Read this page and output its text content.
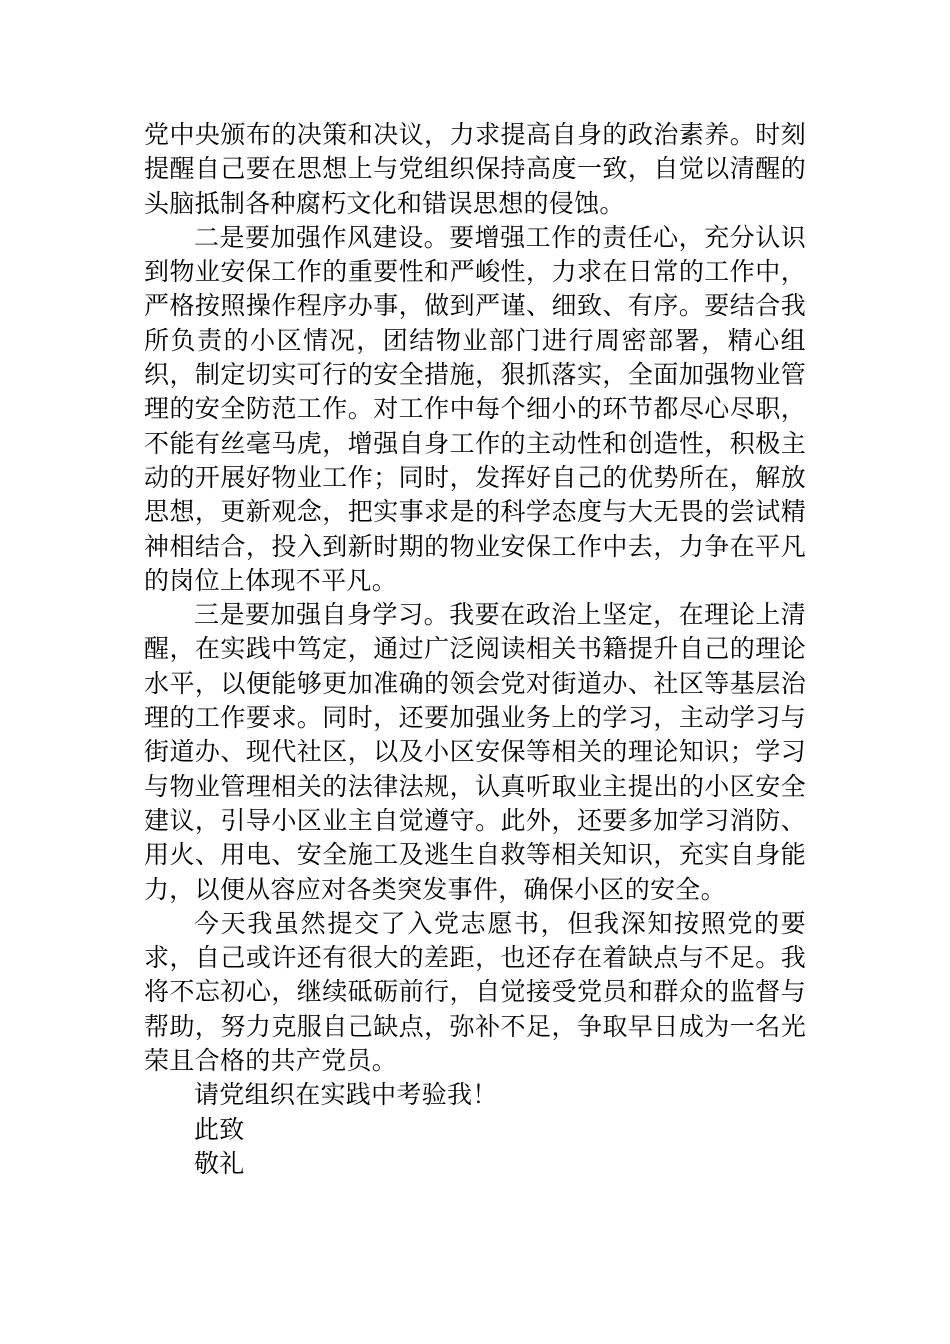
党中央颁布的决策和决议，力求提高自身的政治素养。时刻提醒自己要在思想上与党组织保持高度一致，自觉以清醒的头脑抵制各种腐朽文化和错误思想的侵蚀。

二是要加强作风建设。要增强工作的责任心，充分认识到物业安保工作的重要性和严峻性，力求在日常的工作中，严格按照操作程序办事，做到严谨、细致、有序。要结合我所负责的小区情况，团结物业部门进行周密部署，精心组织，制定切实可行的安全措施，狠抓落实，全面加强物业管理的安全防范工作。对工作中每个细小的环节都尽心尽职，不能有丝毫马虎，增强自身工作的主动性和创造性，积极主动的开展好物业工作；同时，发挥好自己的优势所在，解放思想，更新观念，把实事求是的科学态度与大无畏的尝试精神相结合，投入到新时期的物业安保工作中去，力争在平凡的岗位上体现不平凡。

三是要加强自身学习。我要在政治上坚定，在理论上清醒，在实践中笃定，通过广泛阅读相关书籍提升自己的理论水平，以便能够更加准确的领会党对街道办、社区等基层治理的工作要求。同时，还要加强业务上的学习，主动学习与街道办、现代社区，以及小区安保等相关的理论知识；学习与物业管理相关的法律法规，认真听取业主提出的小区安全建议，引导小区业主自觉遵守。此外，还要多加学习消防、用火、用电、安全施工及逃生自救等相关知识，充实自身能力，以便从容应对各类突发事件，确保小区的安全。

今天我虽然提交了入党志愿书，但我深知按照党的要求，自己或许还有很大的差距，也还存在着缺点与不足。我将不忘初心，继续砥砺前行，自觉接受党员和群众的监督与帮助，努力克服自己缺点，弥补不足，争取早日成为一名光荣且合格的共产党员。

请党组织在实践中考验我！

此致

敬礼
